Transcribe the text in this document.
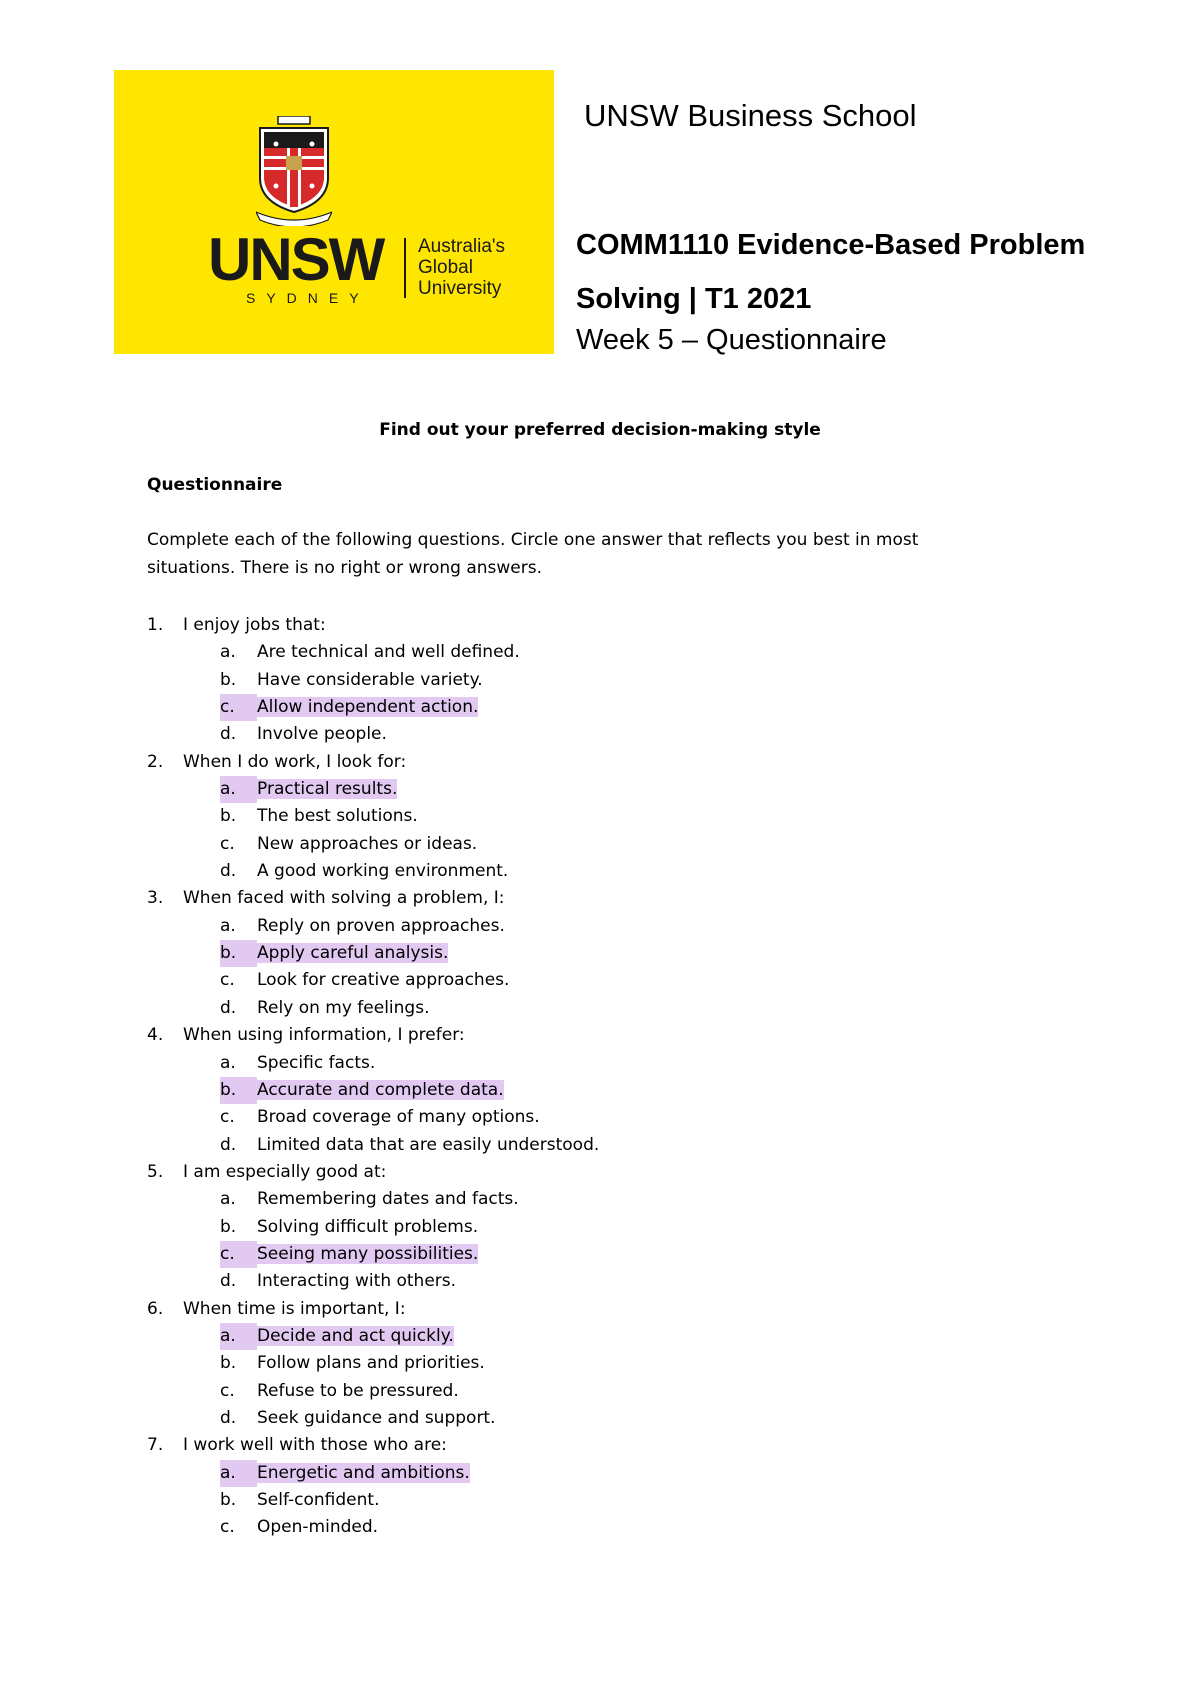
UNSW
SYDNEY
Australia's
Global
University
UNSW Business School
COMM1110 Evidence-Based Problem
Solving | T1 2021
Week 5 – Questionnaire
Find out your preferred decision-making style
Questionnaire
Complete each of the following questions. Circle one answer that reflects you best in most situations. There is no right or wrong answers.
1. I enjoy jobs that:
a. Are technical and well defined.
b. Have considerable variety.
c. Allow independent action.
d. Involve people.
2. When I do work, I look for:
a. Practical results.
b. The best solutions.
c. New approaches or ideas.
d. A good working environment.
3. When faced with solving a problem, I:
a. Reply on proven approaches.
b. Apply careful analysis.
c. Look for creative approaches.
d. Rely on my feelings.
4. When using information, I prefer:
a. Specific facts.
b. Accurate and complete data.
c. Broad coverage of many options.
d. Limited data that are easily understood.
5. I am especially good at:
a. Remembering dates and facts.
b. Solving difficult problems.
c. Seeing many possibilities.
d. Interacting with others.
6. When time is important, I:
a. Decide and act quickly.
b. Follow plans and priorities.
c. Refuse to be pressured.
d. Seek guidance and support.
7. I work well with those who are:
a. Energetic and ambitions.
b. Self-confident.
c. Open-minded.
